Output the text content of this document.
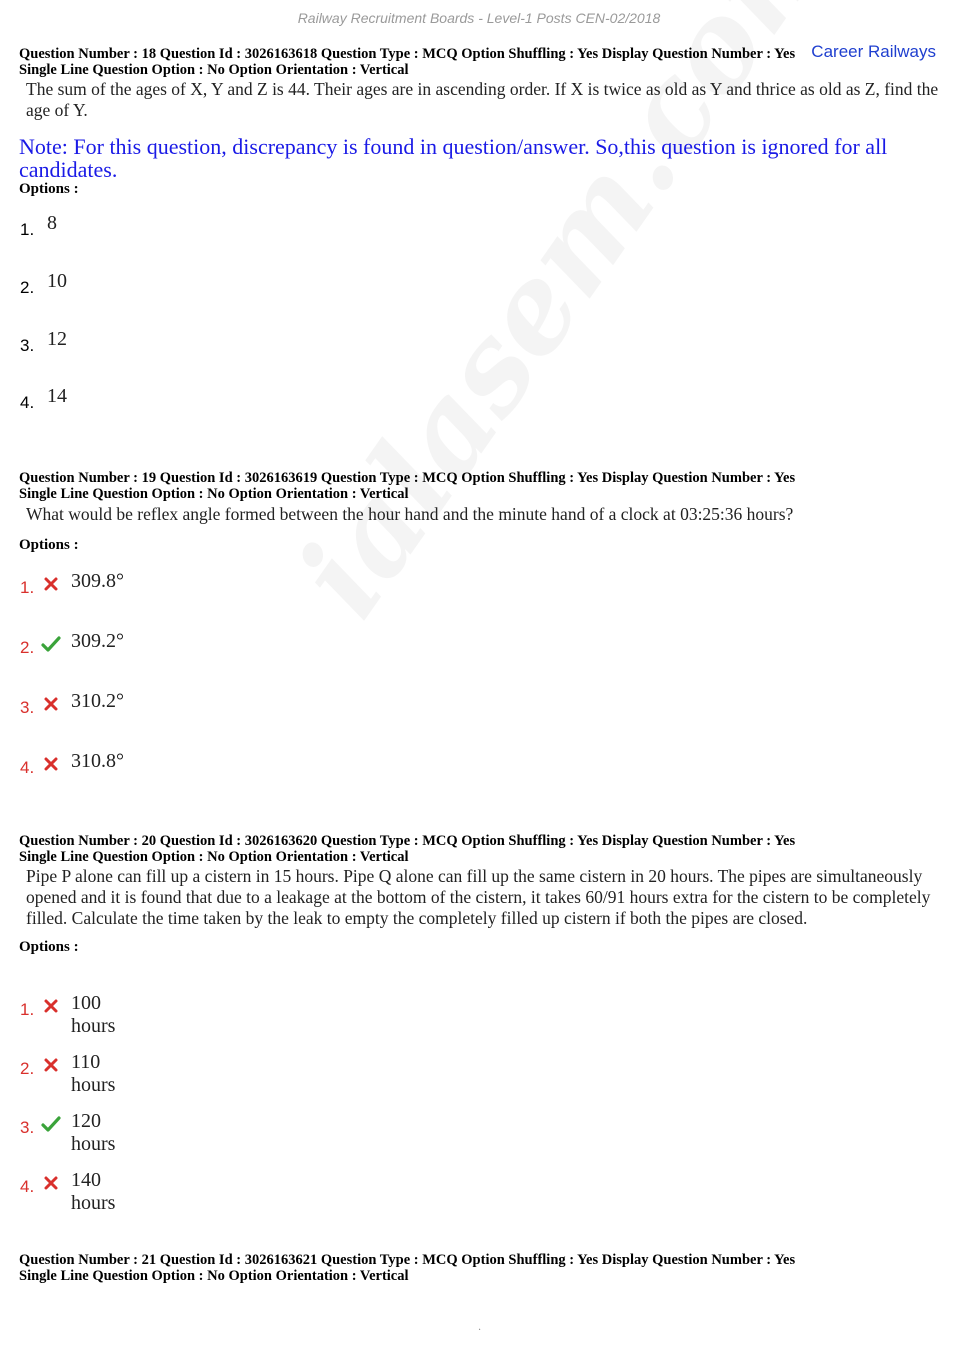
Railway Recruitment Boards - Level-1 Posts CEN-02/2018
Career Railways
Question Number : 18 Question Id : 3026163618 Question Type : MCQ Option Shuffling : Yes Display Question Number : Yes
Single Line Question Option : No Option Orientation : Vertical
The sum of the ages of X, Y and Z is 44. Their ages are in ascending order. If X is twice as old as Y and thrice as old as Z, find the age of Y.
Note: For this question, discrepancy is found in question/answer. So,this question is ignored for all candidates.
Options :
1. 8
2. 10
3. 12
4. 14
Question Number : 19 Question Id : 3026163619 Question Type : MCQ Option Shuffling : Yes Display Question Number : Yes
Single Line Question Option : No Option Orientation : Vertical
What would be reflex angle formed between the hour hand and the minute hand of a clock at 03:25:36 hours?
Options :
1. 309.8°
2. 309.2°
3. 310.2°
4. 310.8°
Question Number : 20 Question Id : 3026163620 Question Type : MCQ Option Shuffling : Yes Display Question Number : Yes
Single Line Question Option : No Option Orientation : Vertical
Pipe P alone can fill up a cistern in 15 hours. Pipe Q alone can fill up the same cistern in 20 hours. The pipes are simultaneously opened and it is found that due to a leakage at the bottom of the cistern, it takes 60/91 hours extra for the cistern to be completely filled. Calculate the time taken by the leak to empty the completely filled up cistern if both the pipes are closed.
Options :
1. 100 hours
2. 110 hours
3. 120 hours
4. 140 hours
Question Number : 21 Question Id : 3026163621 Question Type : MCQ Option Shuffling : Yes Display Question Number : Yes
Single Line Question Option : No Option Orientation : Vertical
.
